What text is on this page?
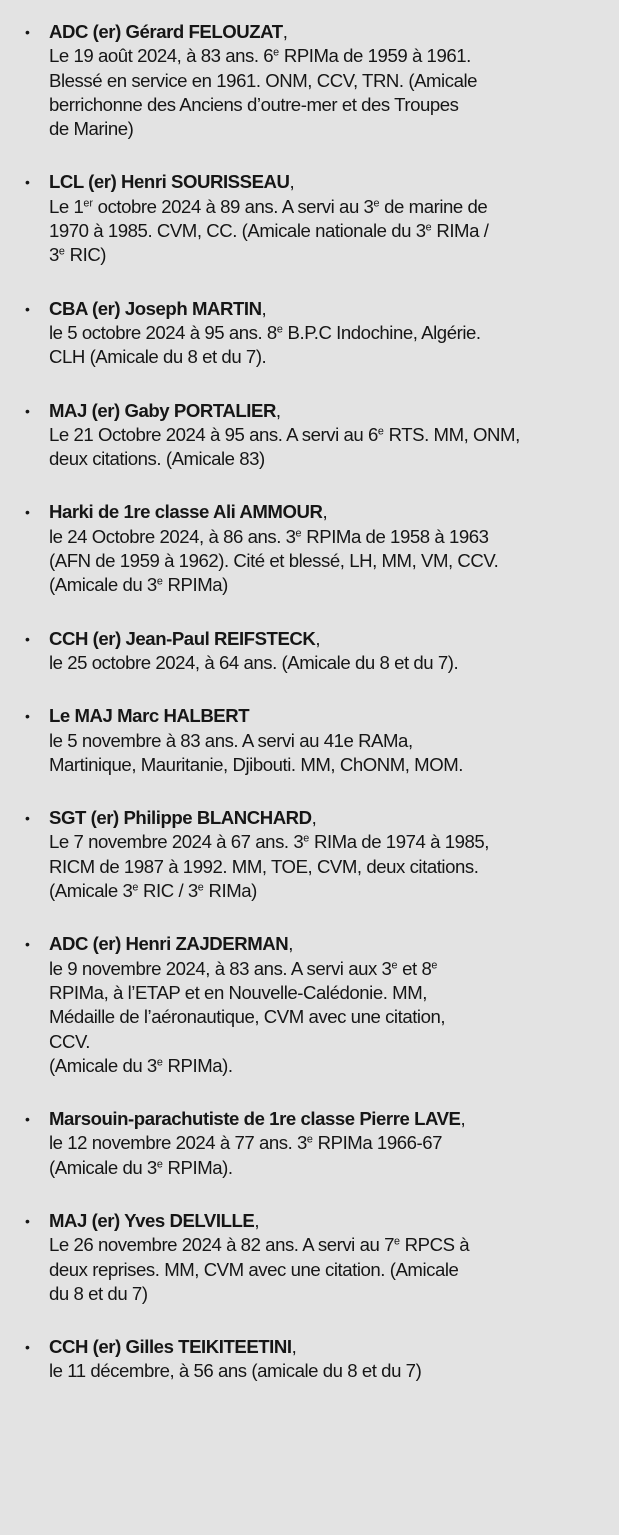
• ADC (er) Gérard FELOUZAT,
Le 19 août 2024, à 83 ans. 6e RPIMa de 1959 à 1961.
Blessé en service en 1961. ONM, CCV, TRN. (Amicale
berrichonne des Anciens d’outre-mer et des Troupes
de Marine)
• LCL (er) Henri SOURISSEAU,
Le 1er octobre 2024 à 89 ans. A servi au 3e de marine de
1970 à 1985. CVM, CC. (Amicale nationale du 3e RIMa /
3e RIC)
• CBA (er) Joseph MARTIN,
le 5 octobre 2024 à 95 ans. 8e B.P.C Indochine, Algérie.
CLH (Amicale du 8 et du 7).
• MAJ (er) Gaby PORTALIER,
Le 21 Octobre 2024 à 95 ans. A servi au 6e RTS. MM, ONM,
deux citations. (Amicale 83)
• Harki de 1re classe Ali AMMOUR,
le 24 Octobre 2024, à 86 ans. 3e RPIMa de 1958 à 1963
(AFN de 1959 à 1962). Cité et blessé, LH, MM, VM, CCV.
(Amicale du 3e RPIMa)
• CCH (er) Jean-Paul REIFSTECK,
le 25 octobre 2024, à 64 ans. (Amicale du 8 et du 7).
• Le MAJ Marc HALBERT
le 5 novembre à 83 ans. A servi au 41e RAMa,
Martinique, Mauritanie, Djibouti. MM, ChONM, MOM.
• SGT (er) Philippe BLANCHARD,
Le 7 novembre 2024 à 67 ans. 3e RIMa de 1974 à 1985,
RICM de 1987 à 1992. MM, TOE, CVM, deux citations.
(Amicale 3e RIC / 3e RIMa)
• ADC (er) Henri ZAJDERMAN,
le 9 novembre 2024, à 83 ans. A servi aux 3e et 8e
RPIMa, à l’ETAP et en Nouvelle-Calédonie. MM,
Médaille de l’aéronautique, CVM avec une citation,
CCV.
(Amicale du 3e RPIMa).
• Marsouin-parachutiste de 1re classe Pierre LAVE,
le 12 novembre 2024 à 77 ans. 3e RPIMa 1966-67
(Amicale du 3e RPIMa).
• MAJ (er) Yves DELVILLE,
Le 26 novembre 2024 à 82 ans. A servi au 7e RPCS à
deux reprises. MM, CVM avec une citation. (Amicale
du 8 et du 7)
• CCH (er) Gilles TEIKITEETINI,
le 11 décembre, à 56 ans (amicale du 8 et du 7)
